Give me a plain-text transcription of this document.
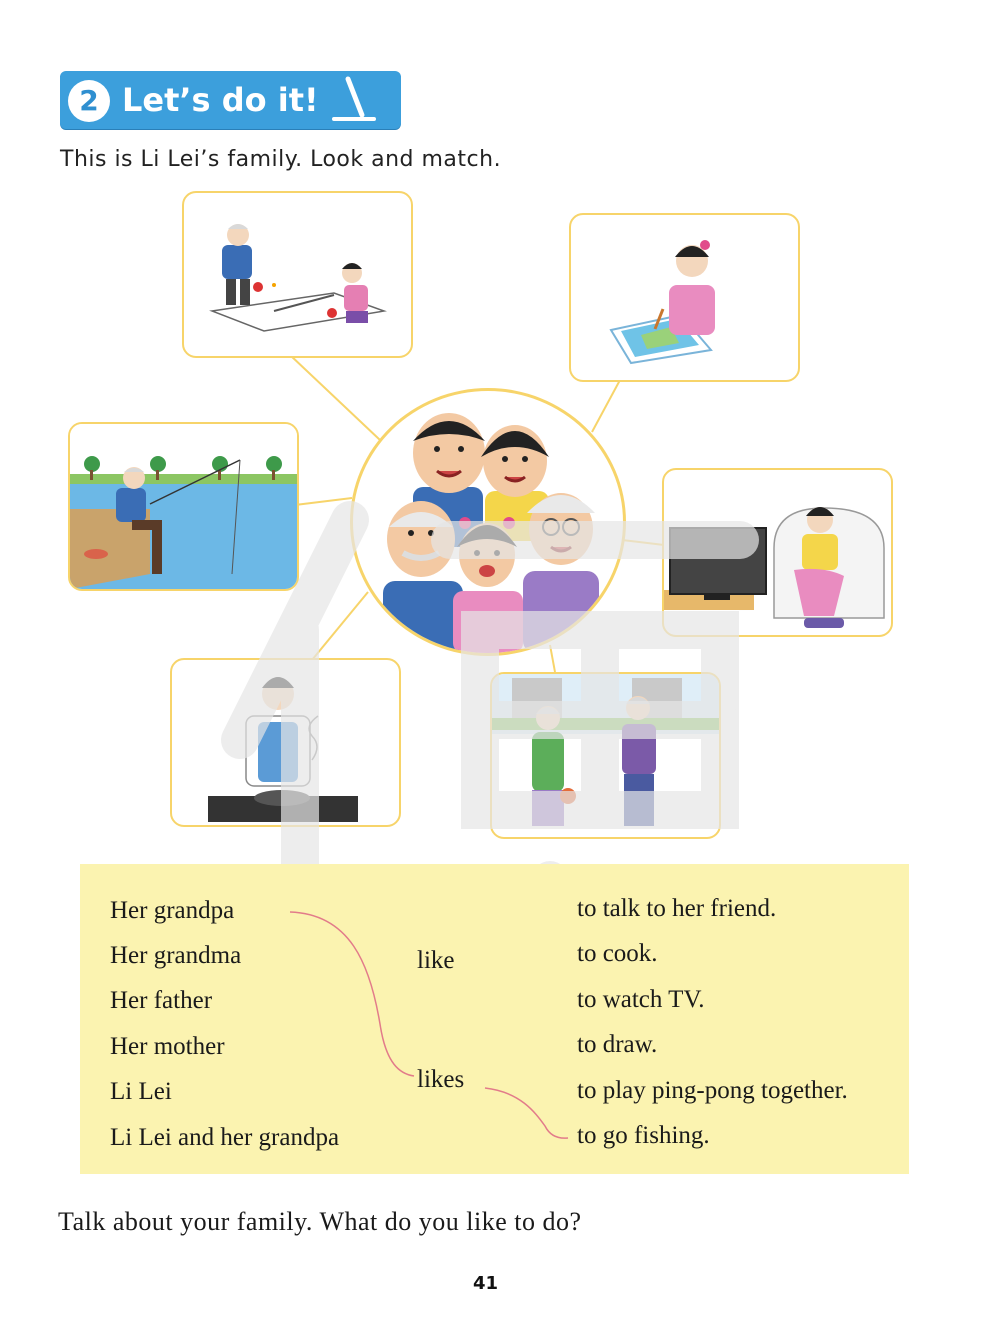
2 Let’s do it!
This is Li Lei’s family. Look and match.
Her grandpa
Her grandma
Her father
Her mother
Li Lei
Li Lei and her grandpa
like
likes
to talk to her friend.
to cook.
to watch TV.
to draw.
to play ping-pong together.
to go fishing.
Talk about your family. What do you like to do?
41
